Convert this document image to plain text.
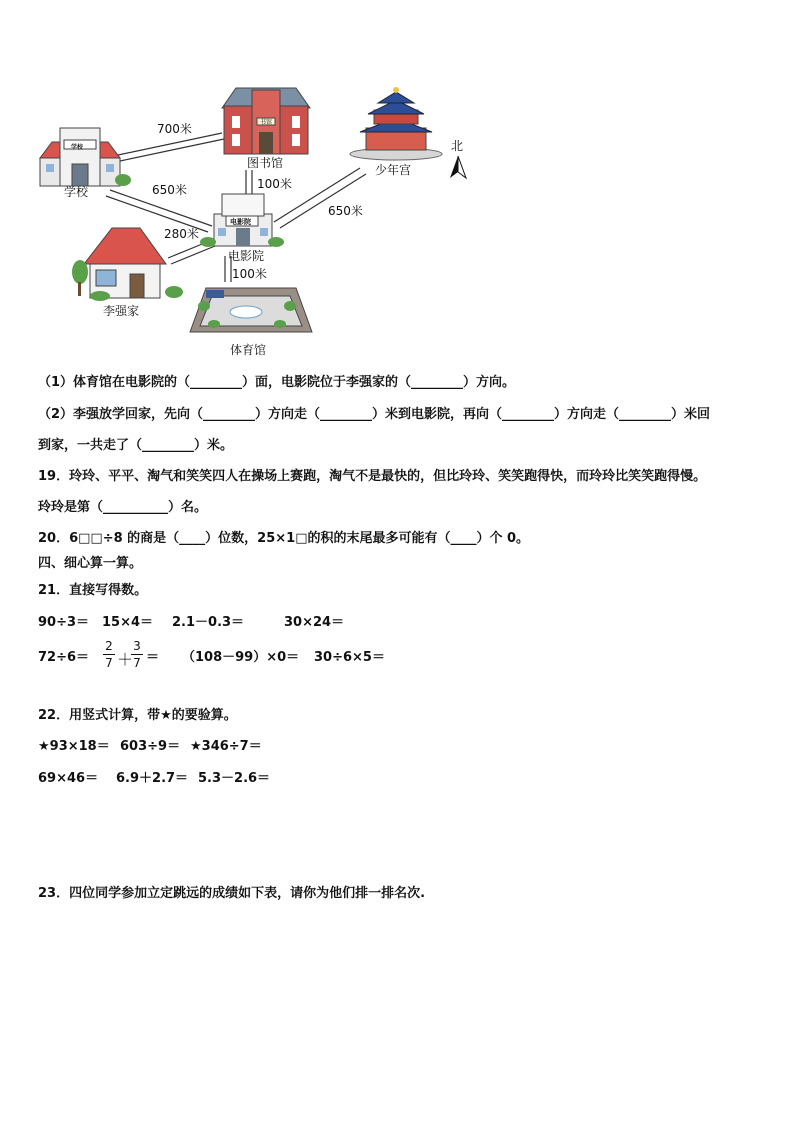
700米
图书馆
书馆
少年宫
北
学校
学校
100米
650米
650米
电影院
280米
电影院
100米
李强家
体育馆
（1）体育馆在电影院的（________）面，电影院位于李强家的（________）方向。
（2）李强放学回家，先向（________）方向走（________）米到电影院，再向（________）方向走（________）米回
到家，一共走了（________）米。
19．玲玲、平平、淘气和笑笑四人在操场上赛跑，淘气不是最快的，但比玲玲、笑笑跑得快，而玲玲比笑笑跑得慢。
玲玲是第（__________）名。
20．6□□÷8 的商是（____）位数，25×1□的积的末尾最多可能有（____）个 0。
四、细心算一算。
21．直接写得数。
90÷3＝ 15×4＝ 2.1－0.3＝	30×24＝
72÷6＝
2
7 ＋
3
7 ＝ （108－99）×0＝ 30÷6×5＝
22．用竖式计算，带★的要验算。
★93×18＝ 603÷9＝ ★346÷7＝
69×46＝ 6.9＋2.7＝ 5.3－2.6＝
23．四位同学参加立定跳远的成绩如下表，请你为他们排一排名次.
